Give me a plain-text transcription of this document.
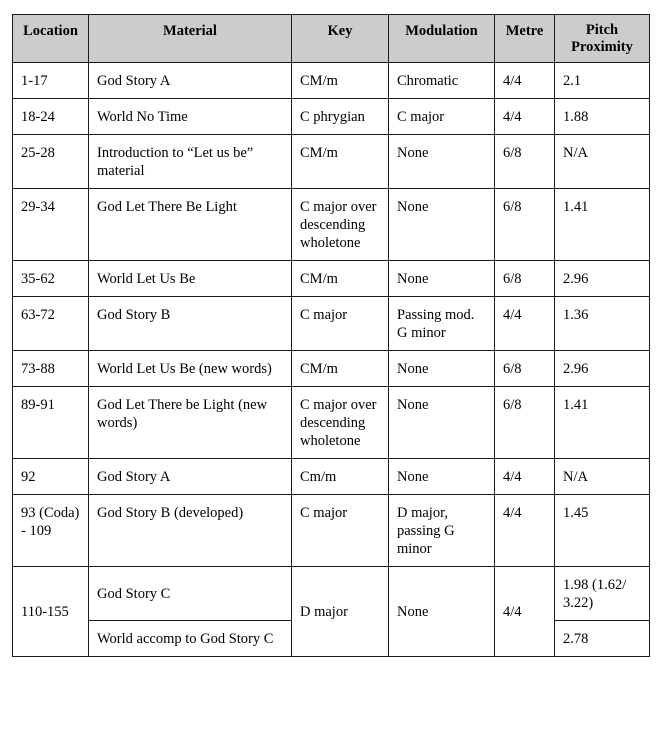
Location	Material	Key	Modulation	Metre	Pitch Proximity
1-17	God Story A	CM/m	Chromatic	4/4	2.1
18-24	World No Time	C phrygian	C major	4/4	1.88
25-28	Introduction to “Let us be” material	CM/m	None	6/8	N/A
29-34	God Let There Be Light	C major over descending wholetone	None	6/8	1.41
35-62	World Let Us Be	CM/m	None	6/8	2.96
63-72	God Story B	C major	Passing mod. G minor	4/4	1.36
73-88	World Let Us Be (new words)	CM/m	None	6/8	2.96
89-91	God Let There be Light (new words)	C major over descending wholetone	None	6/8	1.41
92	God Story A	Cm/m	None	4/4	N/A
93 (Coda) - 109	God Story B (developed)	C major	D major, passing G minor	4/4	1.45
110-155	God Story C	D major	None	4/4	1.98 (1.62/ 3.22)
	World accomp to God Story C				2.78
